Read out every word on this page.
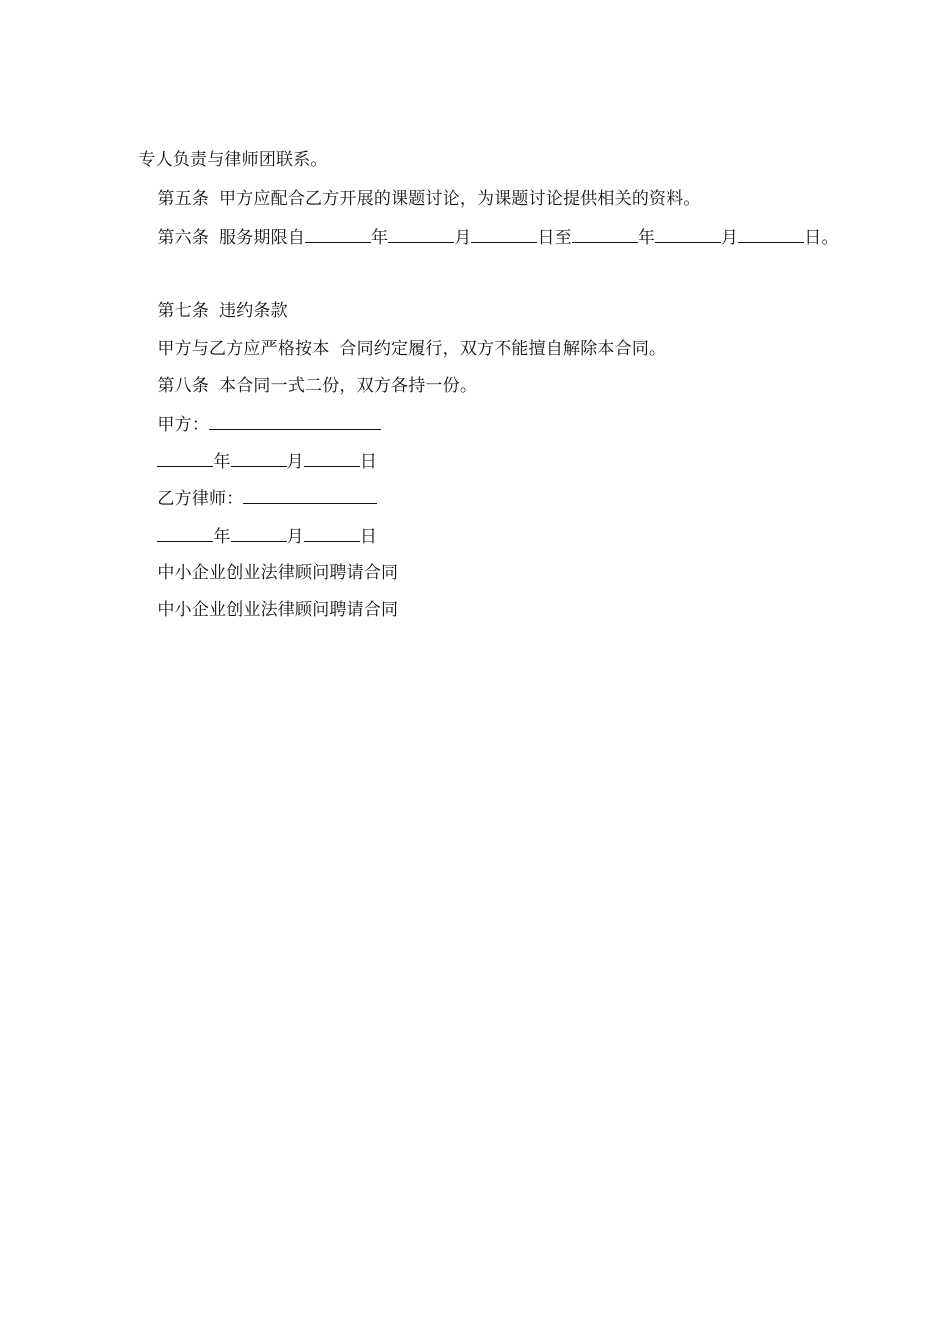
专人负责与律师团联系。

第五条 甲方应配合乙方开展的课题讨论，为课题讨论提供相关的资料。

第六条 服务期限自	年	月	日至	年	月	日。

第七条 违约条款

甲方与乙方应严格按本 合同约定履行，双方不能擅自解除本合同。

第八条 本合同一式二份，双方各持一份。

甲方：

年	月	日

乙方律师：

年	月	日

中小企业创业法律顾问聘请合同

中小企业创业法律顾问聘请合同
